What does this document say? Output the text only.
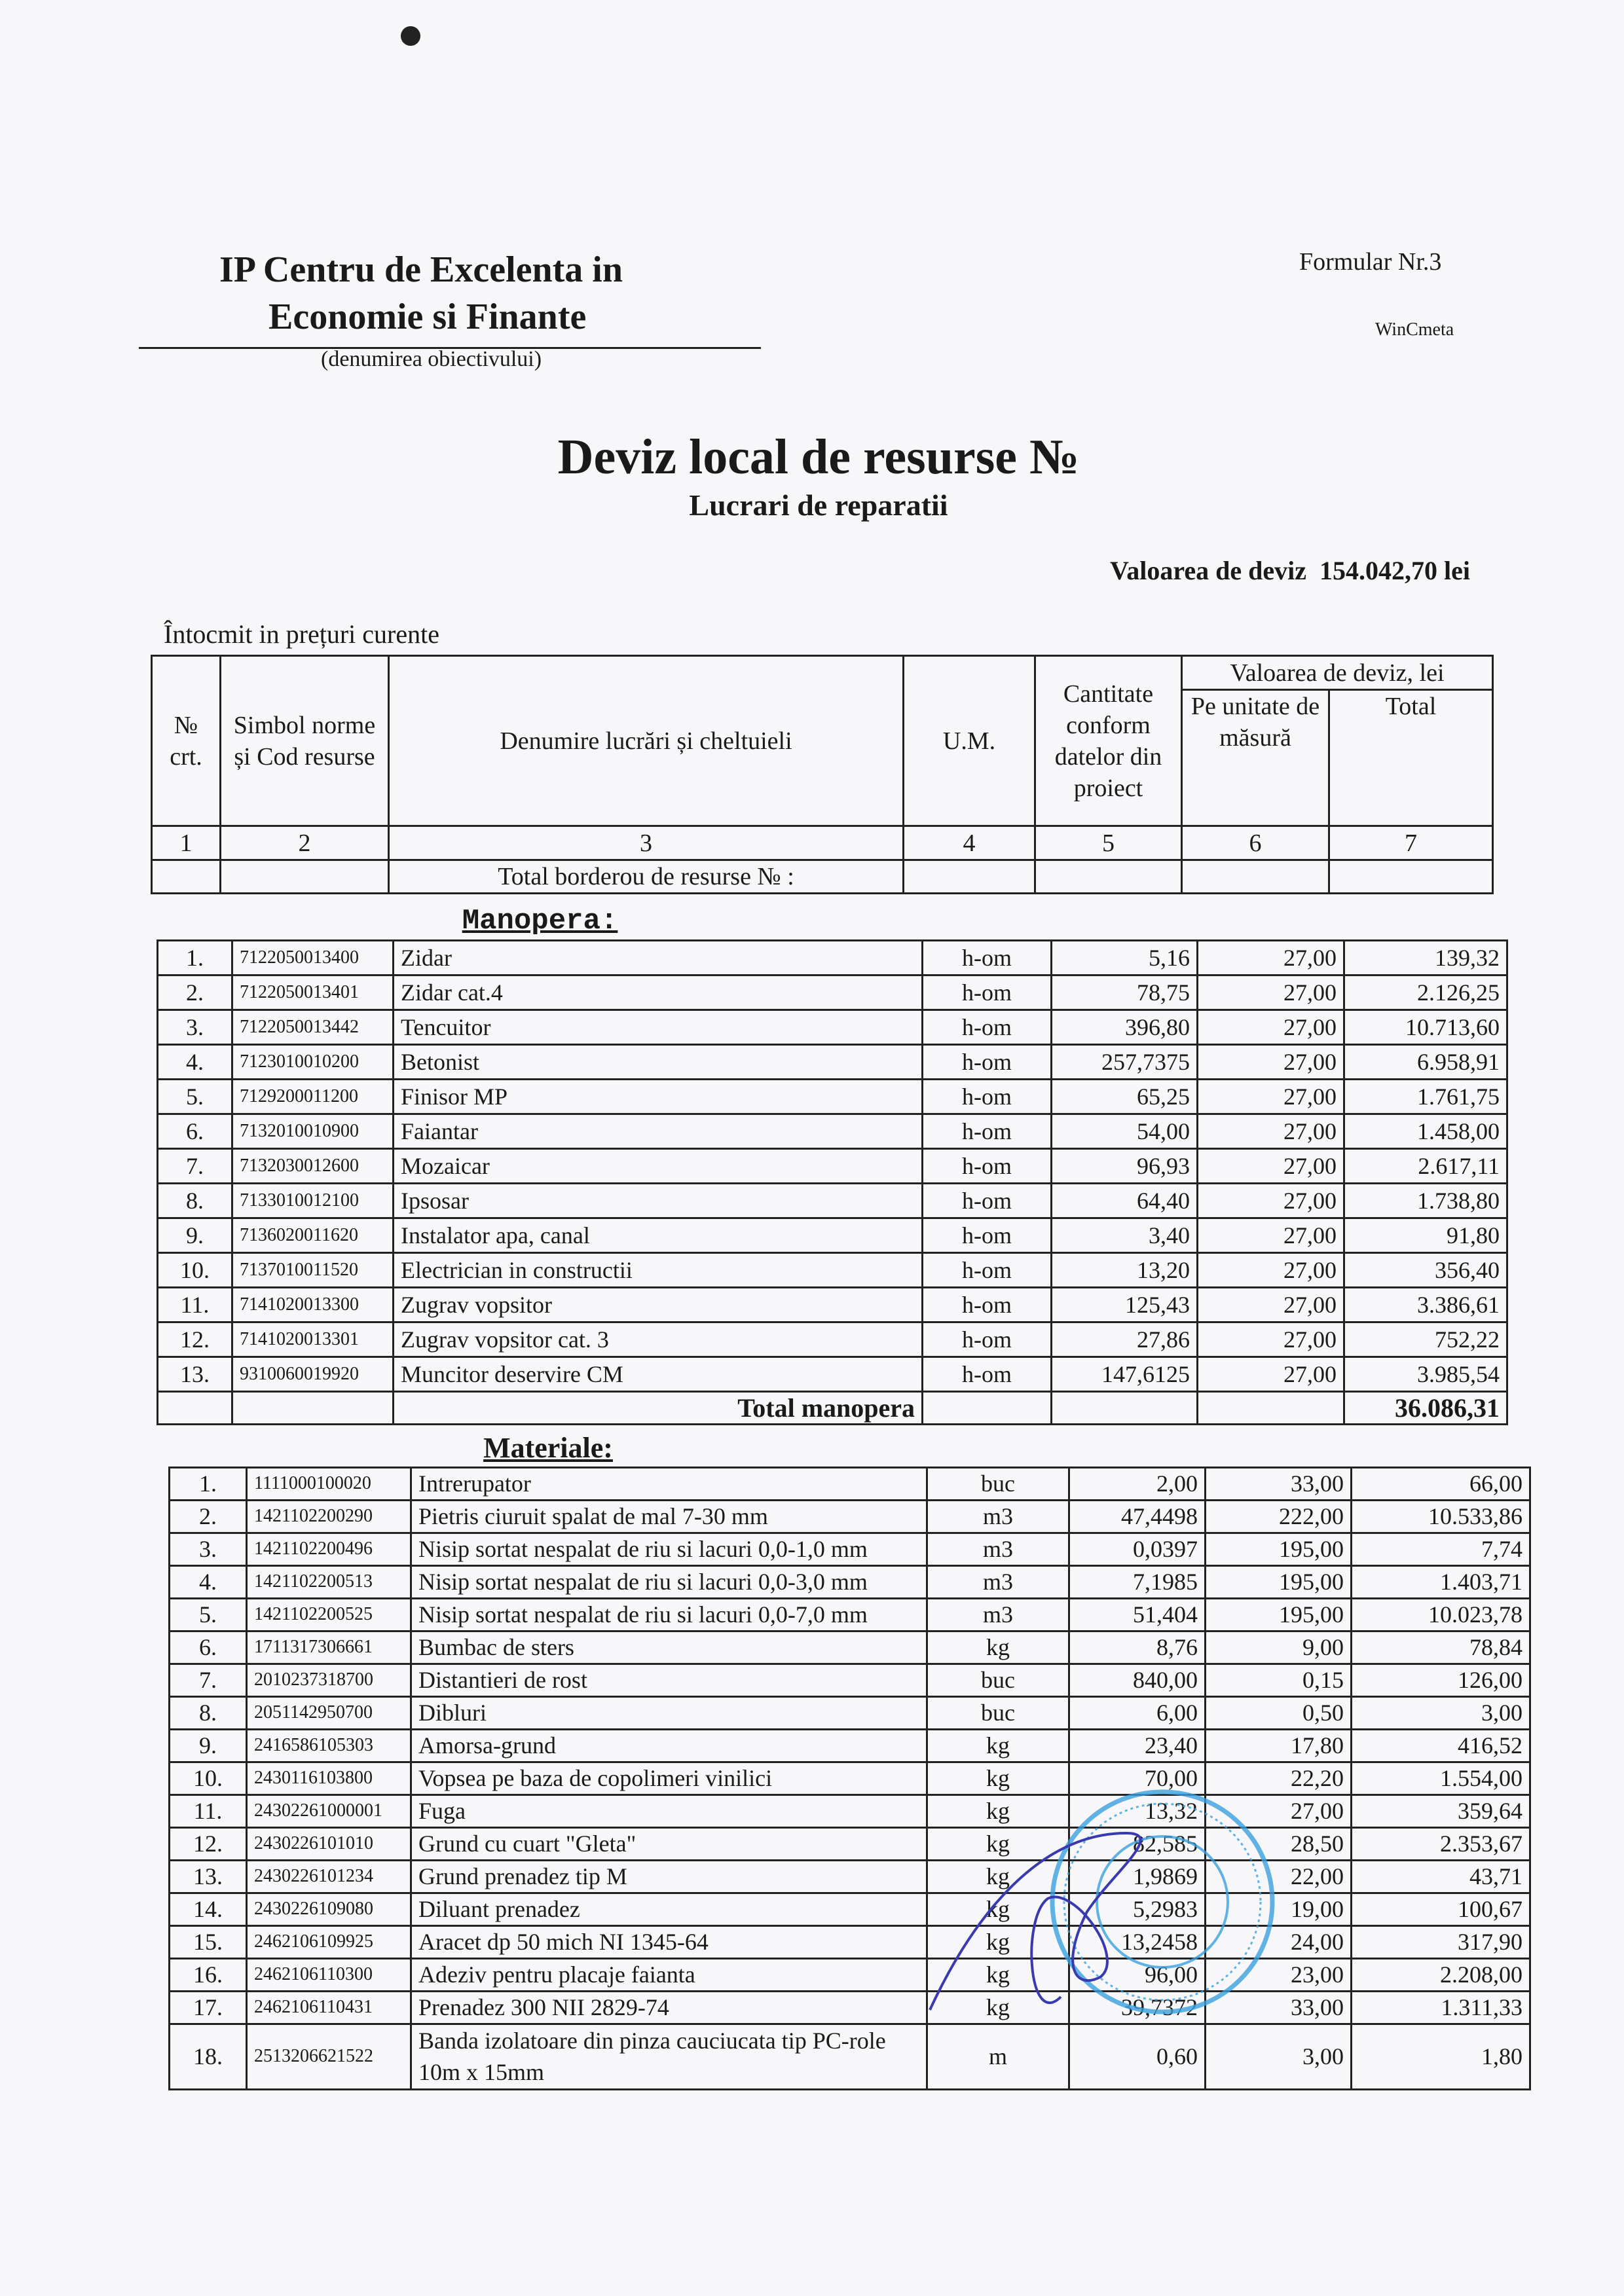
IP Centru de Excelenta in
Economie si Finante
(denumirea obiectivului)
Formular Nr.3
WinCmeta
Deviz local de resurse №
Lucrari de reparatii
Valoarea de deviz 154.042,70 lei
Întocmit in prețuri curente
№ crt.	Simbol norme și Cod resurse	Denumire lucrări și cheltuieli	U.M.	Cantitate conform datelor din proiect	Valoarea de deviz, lei	
					Pe unitate de măsură	Total
1	2	3	4	5	6	7
		Total borderou de resurse № :				
Manopera:						
1.	7122050013400	Zidar	h-om	5,16	27,00	139,32
2.	7122050013401	Zidar cat.4	h-om	78,75	27,00	2.126,25
3.	7122050013442	Tencuitor	h-om	396,80	27,00	10.713,60
4.	7123010010200	Betonist	h-om	257,7375	27,00	6.958,91
5.	7129200011200	Finisor MP	h-om	65,25	27,00	1.761,75
6.	7132010010900	Faiantar	h-om	54,00	27,00	1.458,00
7.	7132030012600	Mozaicar	h-om	96,93	27,00	2.617,11
8.	7133010012100	Ipsosar	h-om	64,40	27,00	1.738,80
9.	7136020011620	Instalator apa, canal	h-om	3,40	27,00	91,80
10.	7137010011520	Electrician in constructii	h-om	13,20	27,00	356,40
11.	7141020013300	Zugrav vopsitor	h-om	125,43	27,00	3.386,61
12.	7141020013301	Zugrav vopsitor cat. 3	h-om	27,86	27,00	752,22
13.	9310060019920	Muncitor deservire CM	h-om	147,6125	27,00	3.985,54
		Total manopera				36.086,31
Materiale:						
1.	1111000100020	Intrerupator	buc	2,00	33,00	66,00
2.	1421102200290	Pietris ciuruit spalat de mal 7-30 mm	m3	47,4498	222,00	10.533,86
3.	1421102200496	Nisip sortat nespalat de riu si lacuri 0,0-1,0 mm	m3	0,0397	195,00	7,74
4.	1421102200513	Nisip sortat nespalat de riu si lacuri 0,0-3,0 mm	m3	7,1985	195,00	1.403,71
5.	1421102200525	Nisip sortat nespalat de riu si lacuri 0,0-7,0 mm	m3	51,404	195,00	10.023,78
6.	1711317306661	Bumbac de sters	kg	8,76	9,00	78,84
7.	2010237318700	Distantieri de rost	buc	840,00	0,15	126,00
8.	2051142950700	Dibluri	buc	6,00	0,50	3,00
9.	2416586105303	Amorsa-grund	kg	23,40	17,80	416,52
10.	2430116103800	Vopsea pe baza de copolimeri vinilici	kg	70,00	22,20	1.554,00
11.	24302261000001	Fuga	kg	13,32	27,00	359,64
12.	2430226101010	Grund cu cuart "Gleta"	kg	82,585	28,50	2.353,67
13.	2430226101234	Grund prenadez tip M	kg	1,9869	22,00	43,71
14.	2430226109080	Diluant prenadez	kg	5,2983	19,00	100,67
15.	2462106109925	Aracet dp 50 mich NI 1345-64	kg	13,2458	24,00	317,90
16.	2462106110300	Adeziv pentru placaje faianta	kg	96,00	23,00	2.208,00
17.	2462106110431	Prenadez 300 NII 2829-74	kg	39,7372	33,00	1.311,33
18.	2513206621522	Banda izolatoare din pinza cauciucata tip PC-role 10m x 15mm	m	0,60	3,00	1,80
